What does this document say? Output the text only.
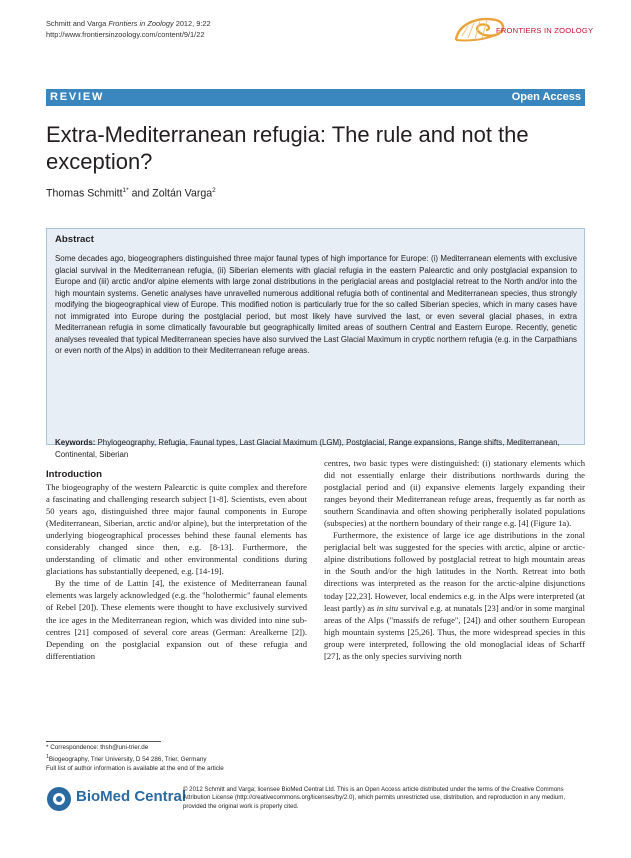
Schmitt and Varga Frontiers in Zoology 2012, 9:22
http://www.frontiersinzoology.com/content/9/1/22	FRONTIERS IN ZOOLOGY
REVIEW	Open Access
Extra-Mediterranean refugia: The rule and not the exception?
Thomas Schmitt$^{1*}$ and Zoltán Varga$^2$
Abstract
Some decades ago, biogeographers distinguished three major faunal types of high importance for Europe: (i) Mediterranean elements with exclusive glacial survival in the Mediterranean refugia, (ii) Siberian elements with glacial refugia in the eastern Palearctic and only postglacial expansion to Europe and (iii) arctic and/or alpine elements with large zonal distributions in the periglacial areas and postglacial retreat to the North and/or into the high mountain systems. Genetic analyses have unravelled numerous additional refugia both of continental and Mediterranean species, thus strongly modifying the biogeographical view of Europe. This modified notion is particularly true for the so called Siberian species, which in many cases have not immigrated into Europe during the postglacial period, but most likely have survived the last, or even several glacial phases, in extra Mediterranean refugia in some climatically favourable but geographically limited areas of southern Central and Eastern Europe. Recently, genetic analyses revealed that typical Mediterranean species have also survived the Last Glacial Maximum in cryptic northern refugia (e.g. in the Carpathians or even north of the Alps) in addition to their Mediterranean refuge areas.
Keywords: Phylogeography, Refugia, Faunal types, Last Glacial Maximum (LGM), Postglacial, Range expansions, Range shifts, Mediterranean, Continental, Siberian
Introduction

The biogeography of the western Palearctic is quite complex and therefore a fascinating and challenging research subject [1-8]. Scientists, even about 50 years ago, distinguished three major faunal components in Europe (Mediterranean, Siberian, arctic and/or alpine), but the interpretation of the underlying biogeographical processes behind these faunal elements has considerably changed since then, e.g. [8-13]. Furthermore, the understanding of climatic and other environmental conditions during glaciations has substantially deepened, e.g. [14-19].

By the time of de Lattin [4], the existence of Mediterranean faunal elements was largely acknowledged (e.g. the "holothermic" faunal elements of Rebel [20]). These elements were thought to have exclusively survived the ice ages in the Mediterranean region, which was divided into nine sub-centres [21] composed of several core areas (German: Arealkerne [2]). Depending on the postglacial expansion out of these refugia and differentiation

centres, two basic types were distinguished: (i) stationary elements which did not essentially enlarge their distributions northwards during the postglacial period and (ii) expansive elements largely expanding their ranges beyond their Mediterranean refuge areas, frequently as far north as southern Scandinavia and often showing peripherally isolated populations (subspecies) at the northern boundary of their range e.g. [4] (Figure 1a).

Furthermore, the existence of large ice age distributions in the zonal periglacial belt was suggested for the species with arctic, alpine or arctic-alpine distributions followed by postglacial retreat to high mountain areas in the South and/or the high latitudes in the North. Retreat into both directions was interpreted as the reason for the arctic-alpine disjunctions today [22,23]. However, local endemics e.g. in the Alps were interpreted (at least partly) as in situ survival e.g. at nunatals [23] and/or in some marginal areas of the Alps ("massifs de refuge", [24]) and other southern European high mountain systems [25,26]. Thus, the more widespread species in this group were interpreted, following the old monoglacial ideas of Scharff [27], as the only species surviving north

* Correspondence: thsh@uni-trier.de

$^1$Biogeography, Trier University, D 54 286, Trier, Germany

Full list of author information is available at the end of the article

BioMed Central
© 2012 Schmitt and Varga; licensee BioMed Central Ltd. This is an Open Access article distributed under the terms of the Creative Commons Attribution License (http://creativecommons.org/licenses/by/2.0), which permits unrestricted use, distribution, and reproduction in any medium, provided the original work is properly cited.
